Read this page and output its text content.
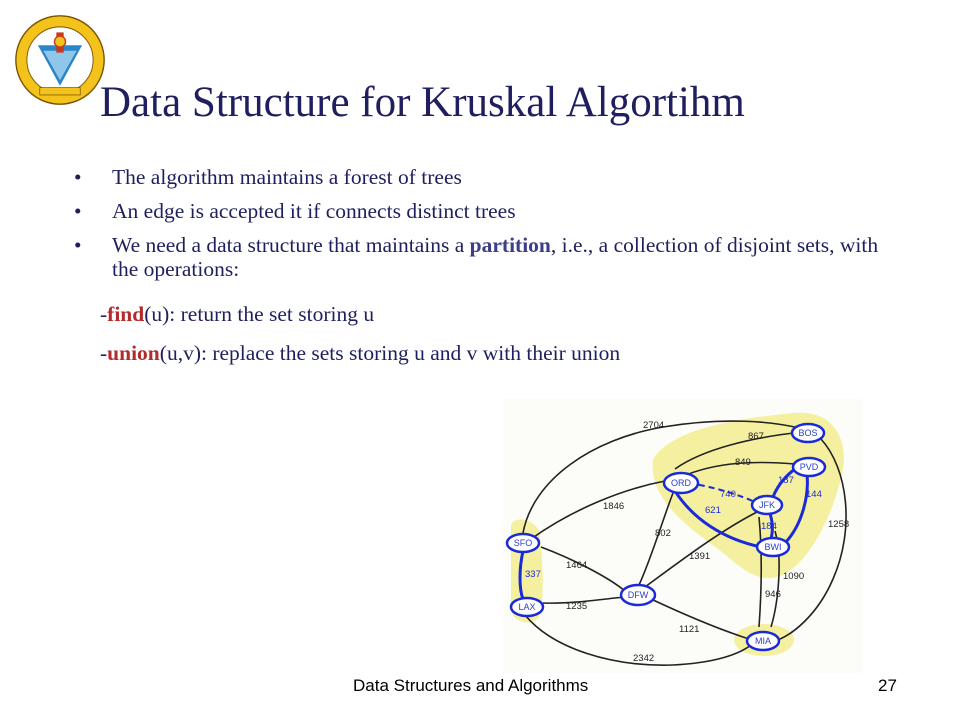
Data Structure for Kruskal Algortihm
• The algorithm maintains a forest of trees
• An edge is accepted it if connects distinct trees
• We need a data structure that maintains a partition, i.e., a collection of disjoint sets, with the operations:
-find(u): return the set storing u
-union(u,v): replace the sets storing u and v with their union
2704
867
849
187
144
740
621
184	1258
1846
802
1391
1090
946
337
1464
1235
1121
2342
BOS
PVD
ORD
JFK
BWI
SFO
LAX
DFW
MIA
Data Structures and Algorithms	27
